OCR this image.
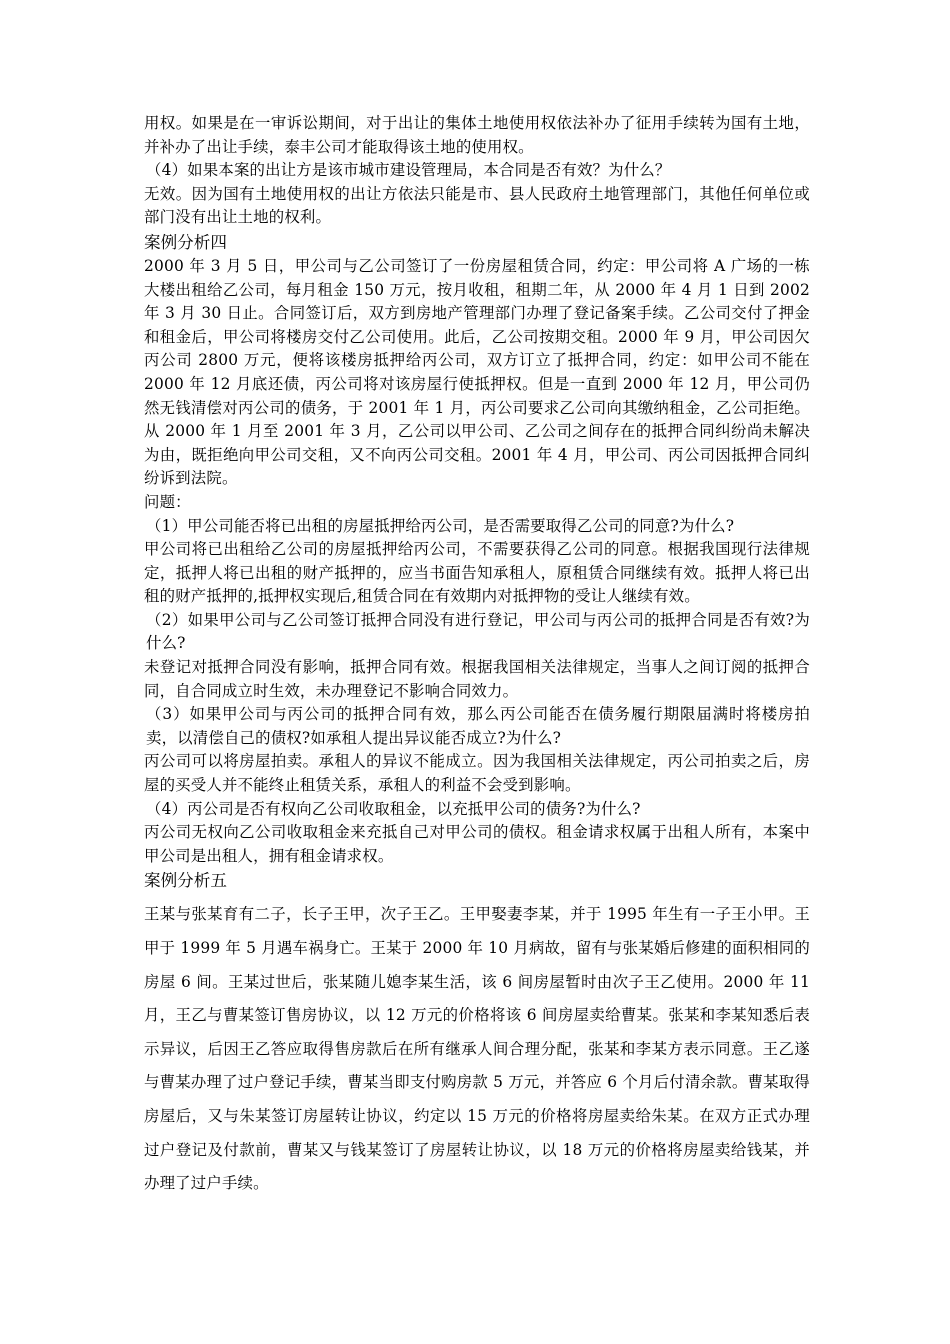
用权。如果是在一审诉讼期间，对于出让的集体土地使用权依法补办了征用手续转为国有土地，并补办了出让手续，泰丰公司才能取得该土地的使用权。

（4）如果本案的出让方是该市城市建设管理局，本合同是否有效？为什么？

无效。因为国有土地使用权的出让方依法只能是市、县人民政府土地管理部门，其他任何单位或部门没有出让土地的权利。

案例分析四

2000 年 3 月 5 日，甲公司与乙公司签订了一份房屋租赁合同，约定：甲公司将 A 广场的一栋大楼出租给乙公司，每月租金 150 万元，按月收租，租期二年，从 2000 年 4 月 1 日到 2002 年 3 月 30 日止。合同签订后，双方到房地产管理部门办理了登记备案手续。乙公司交付了押金和租金后，甲公司将楼房交付乙公司使用。此后，乙公司按期交租。2000 年 9 月，甲公司因欠丙公司 2800 万元，便将该楼房抵押给丙公司，双方订立了抵押合同，约定：如甲公司不能在 2000 年 12 月底还债，丙公司将对该房屋行使抵押权。但是一直到 2000 年 12 月，甲公司仍然无钱清偿对丙公司的债务，于 2001 年 1 月，丙公司要求乙公司向其缴纳租金，乙公司拒绝。从 2000 年 1 月至 2001 年 3 月，乙公司以甲公司、乙公司之间存在的抵押合同纠纷尚未解决为由，既拒绝向甲公司交租，又不向丙公司交租。2001 年 4 月，甲公司、丙公司因抵押合同纠纷诉到法院。

问题：

（1）甲公司能否将已出租的房屋抵押给丙公司，是否需要取得乙公司的同意?为什么?

甲公司将已出租给乙公司的房屋抵押给丙公司，不需要获得乙公司的同意。根据我国现行法律规定，抵押人将已出租的财产抵押的，应当书面告知承租人，原租赁合同继续有效。抵押人将已出租的财产抵押的,抵押权实现后,租赁合同在有效期内对抵押物的受让人继续有效。

（2）如果甲公司与乙公司签订抵押合同没有进行登记，甲公司与丙公司的抵押合同是否有效?为什么?

未登记对抵押合同没有影响，抵押合同有效。根据我国相关法律规定，当事人之间订阅的抵押合同，自合同成立时生效，未办理登记不影响合同效力。

（3）如果甲公司与丙公司的抵押合同有效，那么丙公司能否在债务履行期限届满时将楼房拍卖，以清偿自己的债权?如承租人提出异议能否成立?为什么?

丙公司可以将房屋拍卖。承租人的异议不能成立。因为我国相关法律规定，丙公司拍卖之后，房屋的买受人并不能终止租赁关系，承租人的利益不会受到影响。

（4）丙公司是否有权向乙公司收取租金，以充抵甲公司的债务?为什么?

丙公司无权向乙公司收取租金来充抵自己对甲公司的债权。租金请求权属于出租人所有，本案中甲公司是出租人，拥有租金请求权。

案例分析五

王某与张某育有二子，长子王甲，次子王乙。王甲娶妻李某，并于 1995 年生有一子王小甲。王甲于 1999 年 5 月遇车祸身亡。王某于 2000 年 10 月病故，留有与张某婚后修建的面积相同的房屋 6 间。王某过世后，张某随儿媳李某生活，该 6 间房屋暂时由次子王乙使用。2000 年 11 月，王乙与曹某签订售房协议，以 12 万元的价格将该 6 间房屋卖给曹某。张某和李某知悉后表示异议，后因王乙答应取得售房款后在所有继承人间合理分配，张某和李某方表示同意。王乙遂与曹某办理了过户登记手续，曹某当即支付购房款 5 万元，并答应 6 个月后付清余款。曹某取得房屋后，又与朱某签订房屋转让协议，约定以 15 万元的价格将房屋卖给朱某。在双方正式办理过户登记及付款前，曹某又与钱某签订了房屋转让协议，以 18 万元的价格将房屋卖给钱某，并办理了过户手续。
